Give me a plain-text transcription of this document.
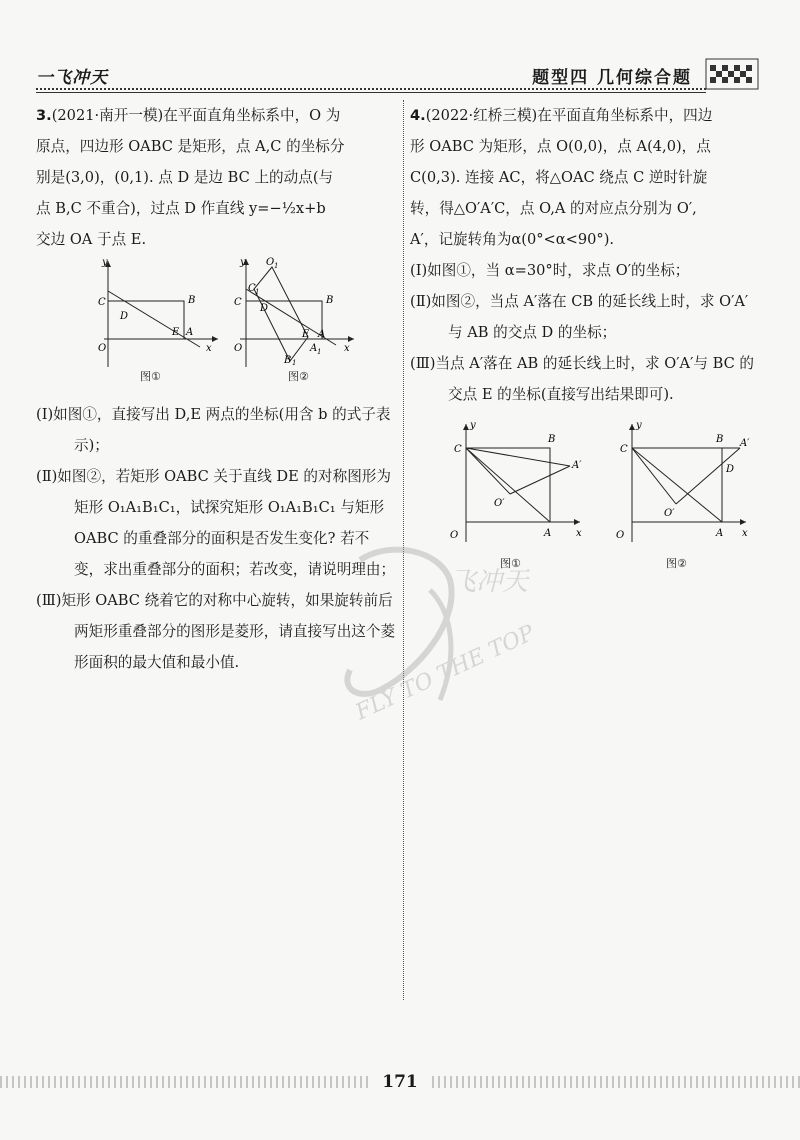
一飞冲天	题型四 几何综合题

3.(2021·南开一模)在平面直角坐标系中，O 为

原点，四边形 OABC 是矩形，点 A,C 的坐标分

别是(3,0)，(0,1). 点 D 是边 BC 上的动点(与

点 B,C 不重合)，过点 D 作直线 y=−½x+b

交边 OA 于点 E.

y
C	B
D
E A
O	x
y O 1
C 1
C	B
D
E A
B 1
A 1
O	x
图①	图②

(Ⅰ)如图①，直接写出 D,E 两点的坐标(用含 b 的式子表示)；

(Ⅱ)如图②，若矩形 OABC 关于直线 DE 的对称图形为矩形 O₁A₁B₁C₁，试探究矩形 O₁A₁B₁C₁ 与矩形 OABC 的重叠部分的面积是否发生变化? 若不变，求出重叠部分的面积；若改变，请说明理由；

(Ⅲ)矩形 OABC 绕着它的对称中心旋转，如果旋转前后两矩形重叠部分的图形是菱形，请直接写出这个菱形面积的最大值和最小值.

4.(2022·红桥三模)在平面直角坐标系中，四边

形 OABC 为矩形，点 O(0,0)，点 A(4,0)，点

C(0,3). 连接 AC，将△OAC 绕点 C 逆时针旋

转，得△O′A′C，点 O,A 的对应点分别为 O′,

A′，记旋转角为α(0°<α<90°).

(Ⅰ)如图①，当 α=30°时，求点 O′的坐标；

(Ⅱ)如图②，当点 A′落在 CB 的延长线上时，求 O′A′与 AB 的交点 D 的坐标；

(Ⅲ)当点 A′落在 AB 的延长线上时，求 O′A′与 BC 的交点 E 的坐标(直接写出结果即可).

y
C
B
A′
O′
A
O	x
y
C
B A′
D
O′
A
O	x
图①	图②
飞冲天
FLY TO THE TOP
171
